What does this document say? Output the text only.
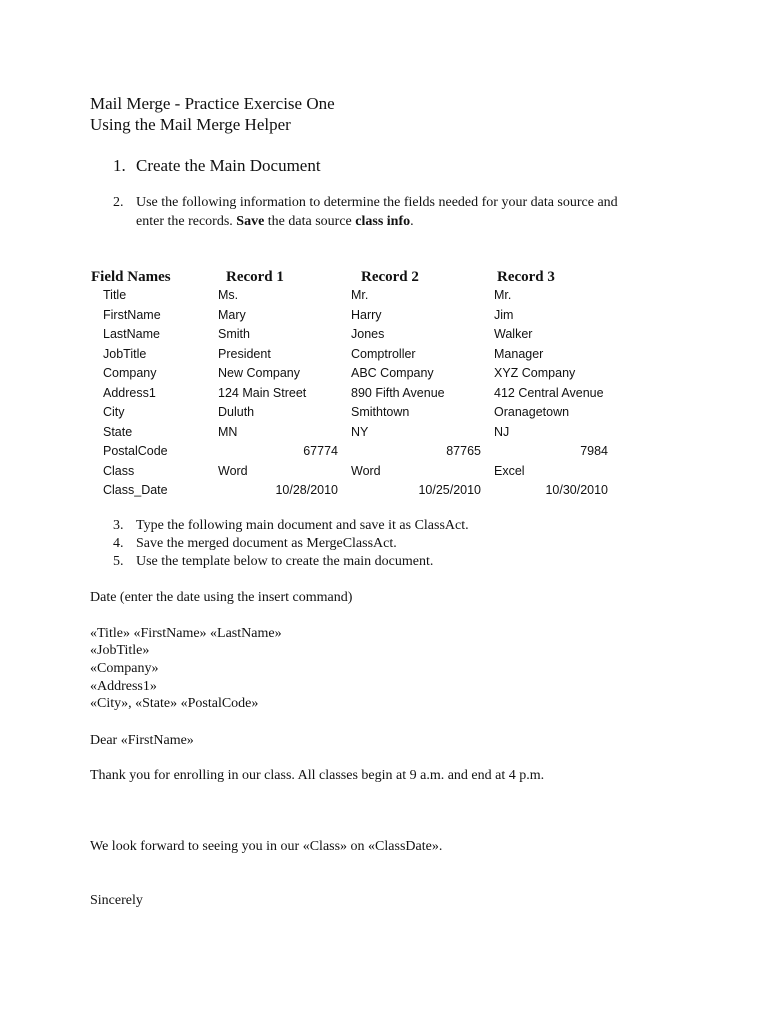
Mail Merge - Practice Exercise One
Using the Mail Merge Helper
1. Create the Main Document
2. Use the following information to determine the fields needed for your data source and
enter the records. Save the data source class info.
Field Names	Record 1	Record 2	Record 3
Title	Ms.	Mr.	Mr.
FirstName	Mary	Harry	Jim
LastName	Smith	Jones	Walker
JobTitle	President	Comptroller	Manager
Company	New Company	ABC Company	XYZ Company
Address1	124 Main Street	890 Fifth Avenue	412 Central Avenue
City	Duluth	Smithtown	Oranagetown
State	MN	NY	NJ
PostalCode	67774	87765	7984
Class	Word	Word	Excel
Class_Date	10/28/2010	10/25/2010	10/30/2010
3. Type the following main document and save it as ClassAct.
4. Save the merged document as MergeClassAct.
5. Use the template below to create the main document.
Date (enter the date using the insert command)
«Title» «FirstName» «LastName»
«JobTitle»
«Company»
«Address1»
«City», «State» «PostalCode»
Dear «FirstName»
Thank you for enrolling in our class. All classes begin at 9 a.m. and end at 4 p.m.
We look forward to seeing you in our «Class» on «ClassDate».
Sincerely
